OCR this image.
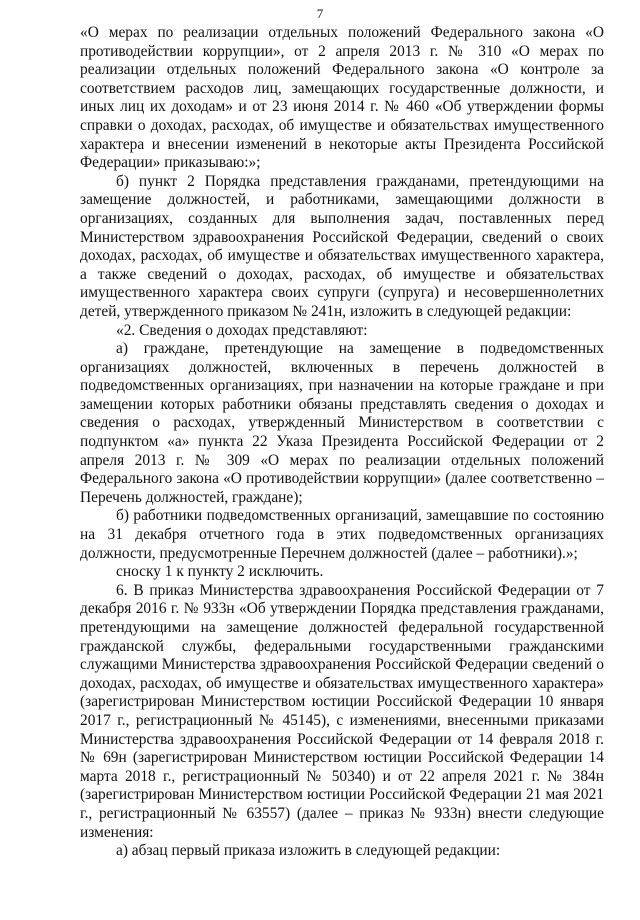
7

«О мерах по реализации отдельных положений Федерального закона «О противодействии коррупции», от 2 апреля 2013 г. № 310 «О мерах по реализации отдельных положений Федерального закона «О контроле за соответствием расходов лиц, замещающих государственные должности, и иных лиц их доходам» и от 23 июня 2014 г. № 460 «Об утверждении формы справки о доходах, расходах, об имуществе и обязательствах имущественного характера и внесении изменений в некоторые акты Президента Российской Федерации» приказываю:»;

б) пункт 2 Порядка представления гражданами, претендующими на замещение должностей, и работниками, замещающими должности в организациях, созданных для выполнения задач, поставленных перед Министерством здравоохранения Российской Федерации, сведений о своих доходах, расходах, об имуществе и обязательствах имущественного характера, а также сведений о доходах, расходах, об имуществе и обязательствах имущественного характера своих супруги (супруга) и несовершеннолетних детей, утвержденного приказом № 241н, изложить в следующей редакции:

«2. Сведения о доходах представляют:

а) граждане, претендующие на замещение в подведомственных организациях должностей, включенных в перечень должностей в подведомственных организациях, при назначении на которые граждане и при замещении которых работники обязаны представлять сведения о доходах и сведения о расходах, утвержденный Министерством в соответствии с подпунктом «а» пункта 22 Указа Президента Российской Федерации от 2 апреля 2013 г. № 309 «О мерах по реализации отдельных положений Федерального закона «О противодействии коррупции» (далее соответственно – Перечень должностей, граждане);

б) работники подведомственных организаций, замещавшие по состоянию на 31 декабря отчетного года в этих подведомственных организациях должности, предусмотренные Перечнем должностей (далее – работники).»;

сноску 1 к пункту 2 исключить.

6. В приказ Министерства здравоохранения Российской Федерации от 7 декабря 2016 г. № 933н «Об утверждении Порядка представления гражданами, претендующими на замещение должностей федеральной государственной гражданской службы, федеральными государственными гражданскими служащими Министерства здравоохранения Российской Федерации сведений о доходах, расходах, об имуществе и обязательствах имущественного характера» (зарегистрирован Министерством юстиции Российской Федерации 10 января 2017 г., регистрационный № 45145), с изменениями, внесенными приказами Министерства здравоохранения Российской Федерации от 14 февраля 2018 г. № 69н (зарегистрирован Министерством юстиции Российской Федерации 14 марта 2018 г., регистрационный № 50340) и от 22 апреля 2021 г. № 384н (зарегистрирован Министерством юстиции Российской Федерации 21 мая 2021 г., регистрационный № 63557) (далее – приказ № 933н) внести следующие изменения:

а) абзац первый приказа изложить в следующей редакции:
